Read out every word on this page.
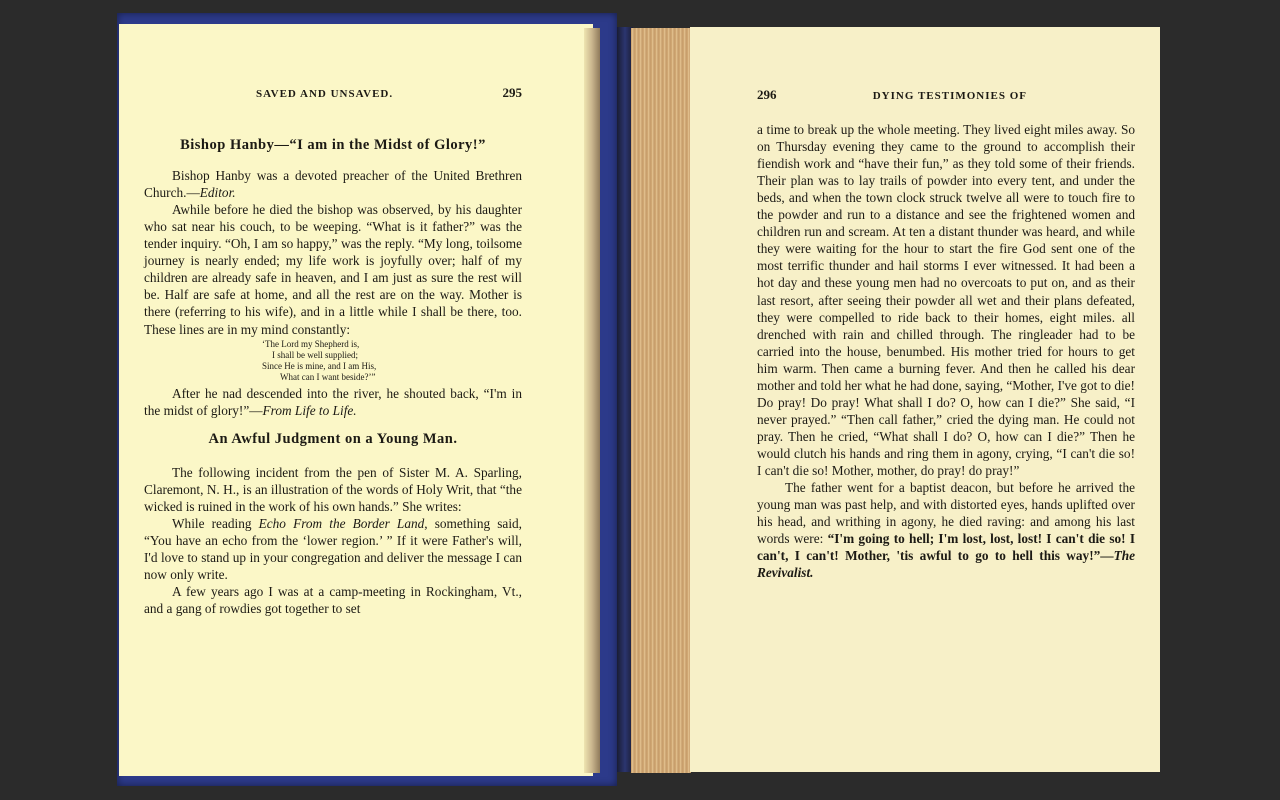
SAVED AND UNSAVED.	295
Bishop Hanby—“I am in the Midst of Glory!”

Bishop Hanby was a devoted preacher of the United Brethren Church.—Editor.

Awhile before he died the bishop was observed, by his daughter who sat near his couch, to be weeping. “What is it father?” was the tender inquiry. “Oh, I am so happy,” was the reply. “My long, toilsome journey is nearly ended; my life work is joyfully over; half of my children are already safe in heaven, and I am just as sure the rest will be. Half are safe at home, and all the rest are on the way. Mother is there (referring to his wife), and in a little while I shall be there, too. These lines are in my mind constantly:

‘The Lord my Shepherd is,
I shall be well supplied;
Since He is mine, and I am His,
What can I want beside?’”

After he nad descended into the river, he shouted back, “I'm in the midst of glory!”—From Life to Life.

An Awful Judgment on a Young Man.

The following incident from the pen of Sister M. A. Sparling, Claremont, N. H., is an illustration of the words of Holy Writ, that “the wicked is ruined in the work of his own hands.” She writes:

While reading Echo From the Border Land, something said, “You have an echo from the ‘lower region.’ ” If it were Father's will, I'd love to stand up in your congregation and deliver the message I can now only write.

A few years ago I was at a camp-meeting in Rockingham, Vt., and a gang of rowdies got together to set

296	DYING TESTIMONIES OF

a time to break up the whole meeting. They lived eight miles away. So on Thursday evening they came to the ground to accomplish their fiendish work and “have their fun,” as they told some of their friends. Their plan was to lay trails of powder into every tent, and under the beds, and when the town clock struck twelve all were to touch fire to the powder and run to a distance and see the frightened women and children run and scream. At ten a distant thunder was heard, and while they were waiting for the hour to start the fire God sent one of the most terrific thunder and hail storms I ever witnessed. It had been a hot day and these young men had no overcoats to put on, and as their last resort, after seeing their powder all wet and their plans defeated, they were compelled to ride back to their homes, eight miles. all drenched with rain and chilled through. The ringleader had to be carried into the house, benumbed. His mother tried for hours to get him warm. Then came a burning fever. And then he called his dear mother and told her what he had done, saying, “Mother, I've got to die! Do pray! Do pray! What shall I do? O, how can I die?” She said, “I never prayed.” “Then call father,” cried the dying man. He could not pray. Then he cried, “What shall I do? O, how can I die?” Then he would clutch his hands and ring them in agony, crying, “I can't die so! I can't die so! Mother, mother, do pray! do pray!”

The father went for a baptist deacon, but before he arrived the young man was past help, and with distorted eyes, hands uplifted over his head, and writhing in agony, he died raving: and among his last words were: “I'm going to hell; I'm lost, lost, lost! I can't die so! I can't, I can't! Mother, 'tis awful to go to hell this way!”—The Revivalist.
